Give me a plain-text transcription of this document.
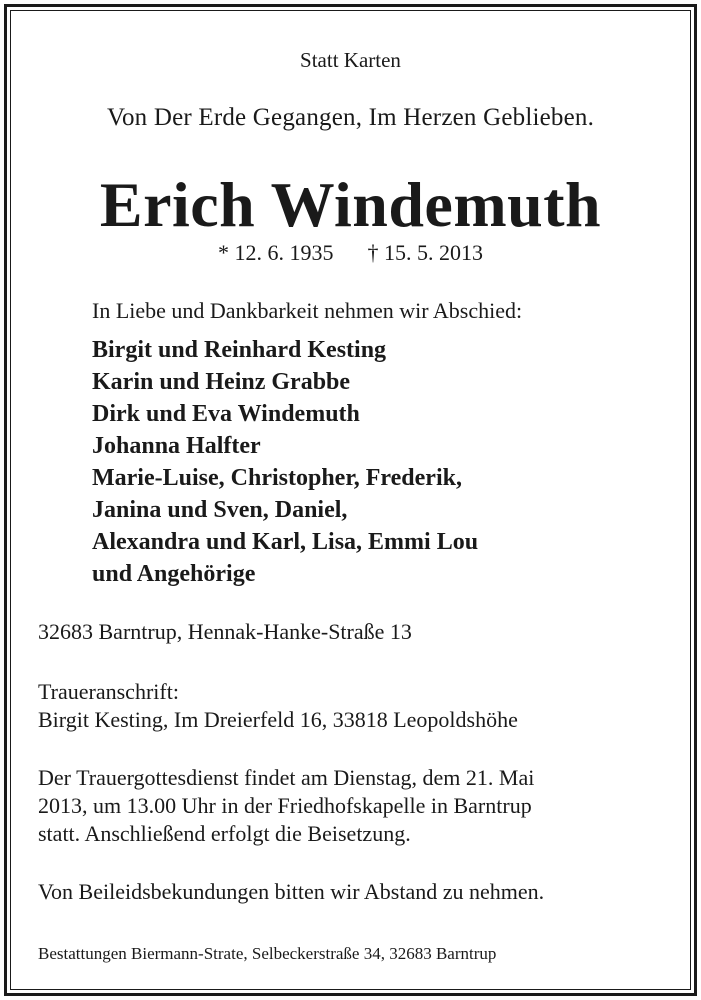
Statt Karten
Von Der Erde Gegangen, Im Herzen Geblieben.
Erich Windemuth
* 12. 6. 1935 † 15. 5. 2013
In Liebe und Dankbarkeit nehmen wir Abschied:
Birgit und Reinhard Kesting
Karin und Heinz Grabbe
Dirk und Eva Windemuth
Johanna Halfter
Marie-Luise, Christopher, Frederik,
Janina und Sven, Daniel,
Alexandra und Karl, Lisa, Emmi Lou
und Angehörige
32683 Barntrup, Hennak-Hanke-Straße 13
Traueranschrift:
Birgit Kesting, Im Dreierfeld 16, 33818 Leopoldshöhe
Der Trauergottesdienst findet am Dienstag, dem 21. Mai
2013, um 13.00 Uhr in der Friedhofskapelle in Barntrup
statt. Anschließend erfolgt die Beisetzung.
Von Beileidsbekundungen bitten wir Abstand zu nehmen.
Bestattungen Biermann-Strate, Selbeckerstraße 34, 32683 Barntrup
